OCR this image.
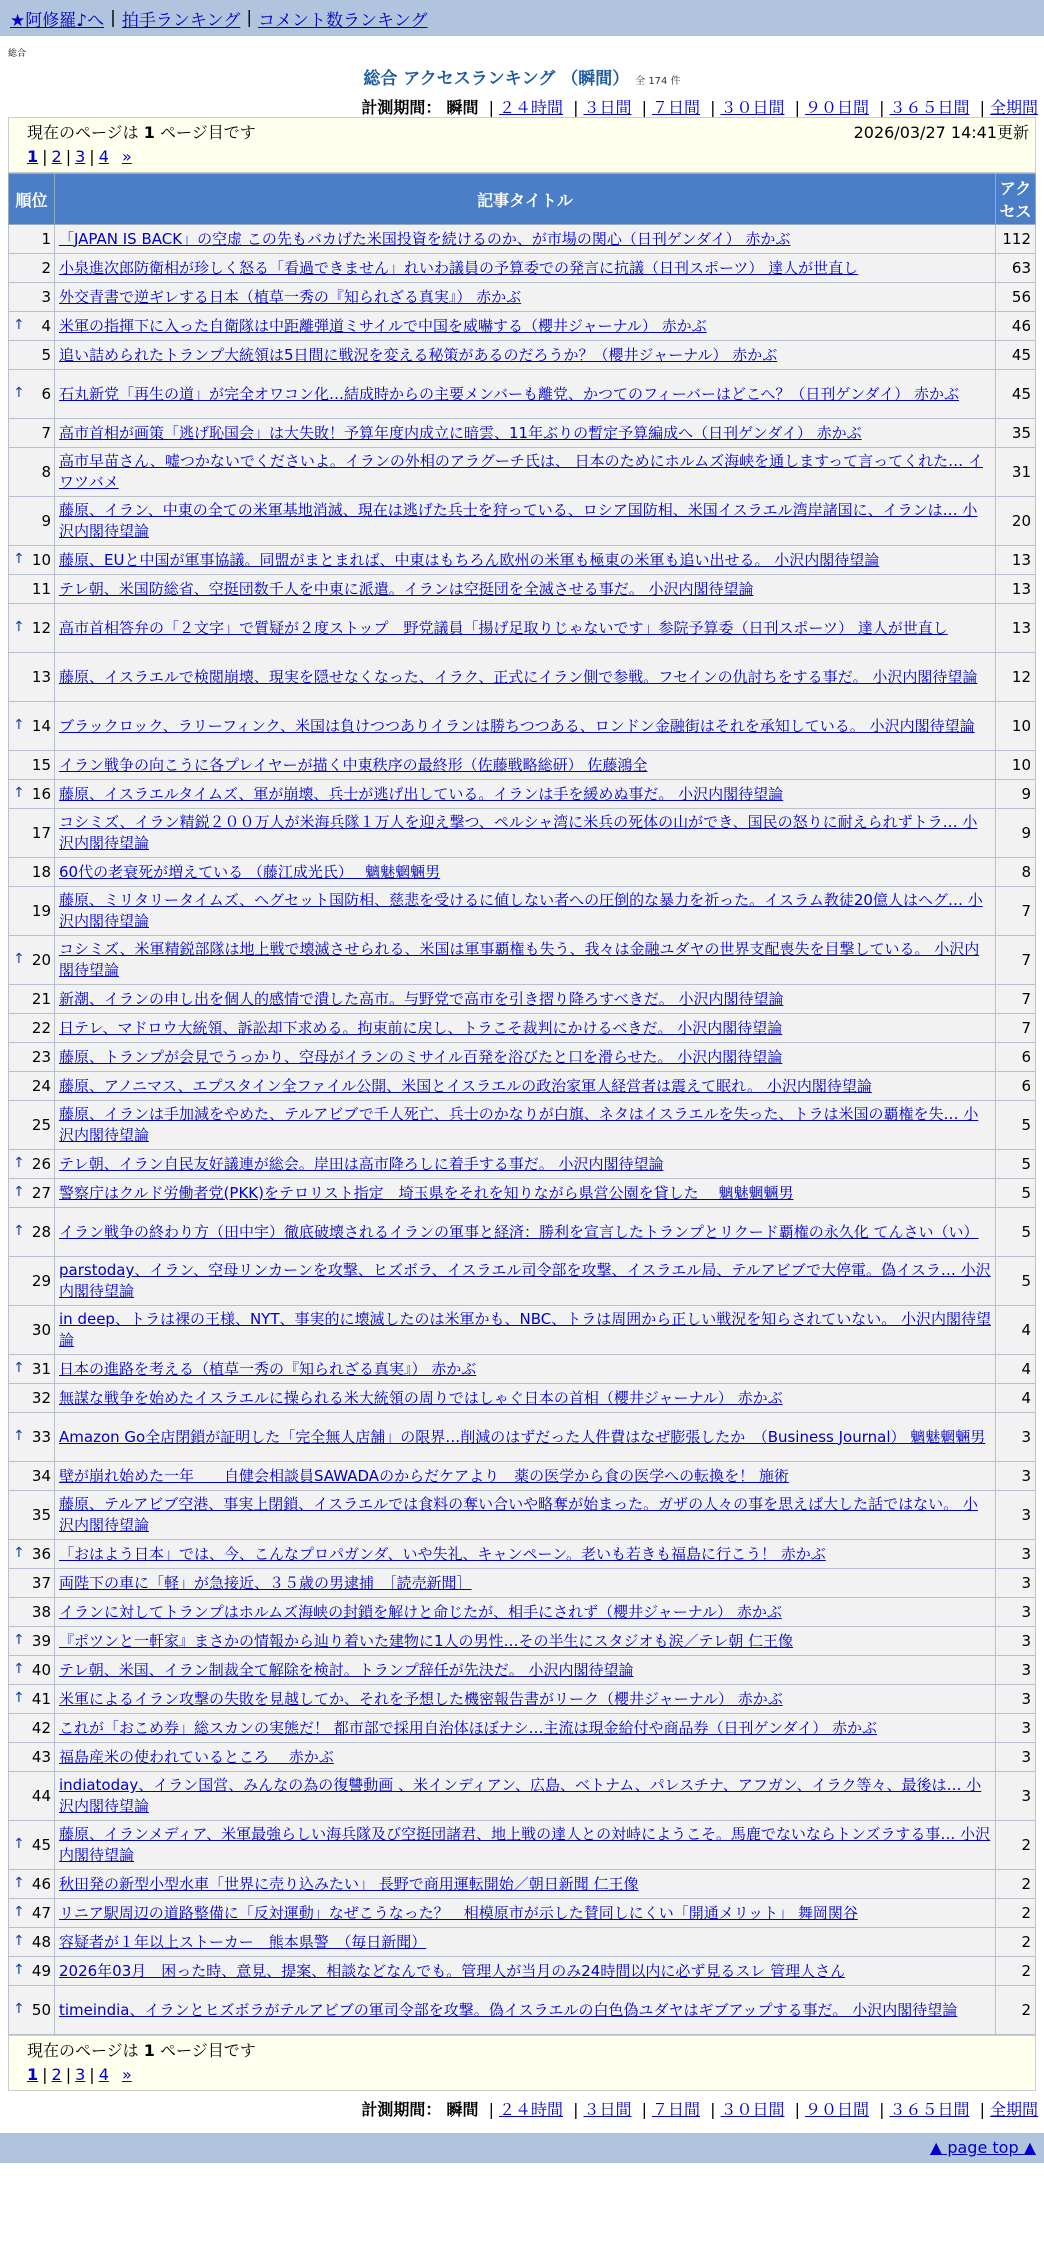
★阿修羅♪へ | 拍手ランキング | コメント数ランキング
総合
総合 アクセスランキング （瞬間） 全 174 件
計測期間： 瞬間 | ２４時間 | ３日間 | ７日間 | ３０日間 | ９０日間 | ３６５日間 | 全期間
現在のページは 1 ページ目です	2026/03/27 14:41更新
1 | 2 | 3 | 4 »
順位	記事タイトル	アクセス
1	「JAPAN IS BACK」の空虚 この先もバカげた米国投資を続けるのか、が市場の関心（日刊ゲンダイ） 赤かぶ	112
2	小泉進次郎防衛相が珍しく怒る「看過できません」れいわ議員の予算委での発言に抗議（日刊スポーツ） 達人が世直し	63
3	外交青書で逆ギレする日本（植草一秀の『知られざる真実』） 赤かぶ	56

↑ 4	米軍の指揮下に入った自衛隊は中距離弾道ミサイルで中国を威嚇する（櫻井ジャーナル） 赤かぶ	46
5	追い詰められたトランプ大統領は5日間に戦況を変える秘策があるのだろうか？（櫻井ジャーナル） 赤かぶ	45

↑ 6	石丸新党「再生の道」が完全オワコン化…結成時からの主要メンバーも離党、かつてのフィーバーはどこへ？（日刊ゲンダイ） 赤かぶ	45
7	高市首相が画策「逃げ恥国会」は大失敗！予算年度内成立に暗雲、11年ぶりの暫定予算編成へ（日刊ゲンダイ） 赤かぶ	35
8	高市早苗さん、嘘つかないでくださいよ。イランの外相のアラグーチ氏は、 日本のためにホルムズ海峡を通しますって言ってくれた… イワツバメ	31
9	藤原、イラン、中東の全ての米軍基地消滅、現在は逃げた兵士を狩っている、ロシア国防相、米国イスラエル湾岸諸国に、イランは… 小沢内閣待望論	20

↑ 10	藤原、EUと中国が軍事協議。同盟がまとまれば、中東はもちろん欧州の米軍も極東の米軍も追い出せる。 小沢内閣待望論	13
11	テレ朝、米国防総省、空挺団数千人を中東に派遣。イランは空挺団を全滅させる事だ。 小沢内閣待望論	13

↑ 12	高市首相答弁の「２文字」で質疑が２度ストップ　野党議員「揚げ足取りじゃないです」参院予算委（日刊スポーツ） 達人が世直し	13
13	藤原、イスラエルで検閲崩壊、現実を隠せなくなった、イラク、正式にイラン側で参戦。フセインの仇討ちをする事だ。 小沢内閣待望論	12

↑ 14	ブラックロック、ラリーフィンク、米国は負けつつありイランは勝ちつつある、ロンドン金融街はそれを承知している。 小沢内閣待望論	10
15	イラン戦争の向こうに各プレイヤーが描く中東秩序の最終形（佐藤戦略総研） 佐藤鴻全	10

↑ 16	藤原、イスラエルタイムズ、軍が崩壊、兵士が逃げ出している。イランは手を緩めぬ事だ。 小沢内閣待望論	9
17	コシミズ、イラン精鋭２００万人が米海兵隊１万人を迎え撃つ、ペルシャ湾に米兵の死体の山ができ、国民の怒りに耐えられずトラ… 小沢内閣待望論	9
18	60代の老衰死が増えている （藤江成光氏）　 魑魅魍魎男	8
19	藤原、ミリタリータイムズ、ヘグセット国防相、慈悲を受けるに値しない者への圧倒的な暴力を祈った。イスラム教徒20億人はヘグ… 小沢内閣待望論	7

↑ 20	コシミズ、米軍精鋭部隊は地上戦で壊滅させられる、米国は軍事覇権も失う、我々は金融ユダヤの世界支配喪失を目撃している。 小沢内閣待望論	7
21	新潮、イランの申し出を個人的感情で潰した高市。与野党で高市を引き摺り降ろすべきだ。 小沢内閣待望論	7
22	日テレ、マドロウ大統領、訴訟却下求める。拘束前に戻し、トラこそ裁判にかけるべきだ。 小沢内閣待望論	7
23	藤原、トランプが会見でうっかり、空母がイランのミサイル百発を浴びたと口を滑らせた。 小沢内閣待望論	6
24	藤原、アノニマス、エプスタイン全ファイル公開、米国とイスラエルの政治家軍人経営者は震えて眠れ。 小沢内閣待望論	6
25	藤原、イランは手加減をやめた、テルアビブで千人死亡、兵士のかなりが白旗、ネタはイスラエルを失った、トラは米国の覇権を失… 小沢内閣待望論	5

↑ 26	テレ朝、イラン自民友好議連が総会。岸田は高市降ろしに着手する事だ。 小沢内閣待望論	5

↑ 27	警察庁はクルド労働者党(PKK)をテロリスト指定　埼玉県をそれを知りながら県営公園を貸した　 魑魅魍魎男	5

↑ 28	イラン戦争の終わり方（田中宇）徹底破壊されるイランの軍事と経済：勝利を宣言したトランプとリクード覇権の永久化 てんさい（い）	5
29	parstoday、イラン、空母リンカーンを攻撃、ヒズボラ、イスラエル司令部を攻撃、イスラエル局、テルアビブで大停電。偽イスラ… 小沢内閣待望論	5
30	in deep、トラは裸の王様、NYT、事実的に壊滅したのは米軍かも、NBC、トラは周囲から正しい戦況を知らされていない。 小沢内閣待望論	4

↑ 31	日本の進路を考える（植草一秀の『知られざる真実』） 赤かぶ	4
32	無謀な戦争を始めたイスラエルに操られる米大統領の周りではしゃぐ日本の首相（櫻井ジャーナル） 赤かぶ	4

↑ 33	Amazon Go全店閉鎖が証明した「完全無人店舗」の限界…削減のはずだった人件費はなぜ膨張したか　（Business Journal） 魑魅魍魎男	3
34	壁が崩れ始めた一年　　自健会相談員SAWADAのからだケアより　薬の医学から食の医学への転換を！ 施術	3
35	藤原、テルアビブ空港、事実上閉鎖、イスラエルでは食料の奪い合いや略奪が始まった。ガザの人々の事を思えば大した話ではない。 小沢内閣待望論	3

↑ 36	「おはよう日本」では、今、こんなプロパガンダ、いや失礼、キャンペーン。老いも若きも福島に行こう！ 赤かぶ	3
37	両陛下の車に「軽」が急接近、３５歳の男逮捕　［読売新聞］	3
38	イランに対してトランプはホルムズ海峡の封鎖を解けと命じたが、相手にされず（櫻井ジャーナル） 赤かぶ	3

↑ 39	『ポツンと一軒家』まさかの情報から辿り着いた建物に1人の男性…その半生にスタジオも涙／テレ朝 仁王像	3

↑ 40	テレ朝、米国、イラン制裁全て解除を検討。トランプ辞任が先決だ。 小沢内閣待望論	3

↑ 41	米軍によるイラン攻撃の失敗を見越してか、それを予想した機密報告書がリーク（櫻井ジャーナル） 赤かぶ	3
42	これが「おこめ券」総スカンの実態だ！ 都市部で採用自治体ほぼナシ…主流は現金給付や商品券（日刊ゲンダイ） 赤かぶ	3
43	福島産米の使われているところ　 赤かぶ	3
44	indiatoday、イラン国営、みんなの為の復讐動画 、米インディアン、広島、ベトナム、パレスチナ、アフガン、イラク等々、最後は… 小沢内閣待望論	3

↑ 45	藤原、イランメディア、米軍最強らしい海兵隊及び空挺団諸君、地上戦の達人との対峙にようこそ。馬鹿でないならトンズラする事… 小沢内閣待望論	2

↑ 46	秋田発の新型小型水車「世界に売り込みたい」 長野で商用運転開始／朝日新聞 仁王像	2

↑ 47	リニア駅周辺の道路整備に「反対運動」なぜこうなった？　相模原市が示した賛同しにくい「開通メリット」 舞岡関谷	2

↑ 48	容疑者が１年以上ストーカー　熊本県警　（毎日新聞）	2

↑ 49	2026年03月　困った時、意見、提案、相談などなんでも。管理人が当月のみ24時間以内に必ず見るスレ 管理人さん	2

↑ 50	timeindia、イランとヒズボラがテルアビブの軍司令部を攻撃。偽イスラエルの白色偽ユダヤはギブアップする事だ。 小沢内閣待望論	2
現在のページは 1 ページ目です
1 | 2 | 3 | 4 »
計測期間： 瞬間 | ２４時間 | ３日間 | ７日間 | ３０日間 | ９０日間 | ３６５日間 | 全期間
▲ page top ▲
